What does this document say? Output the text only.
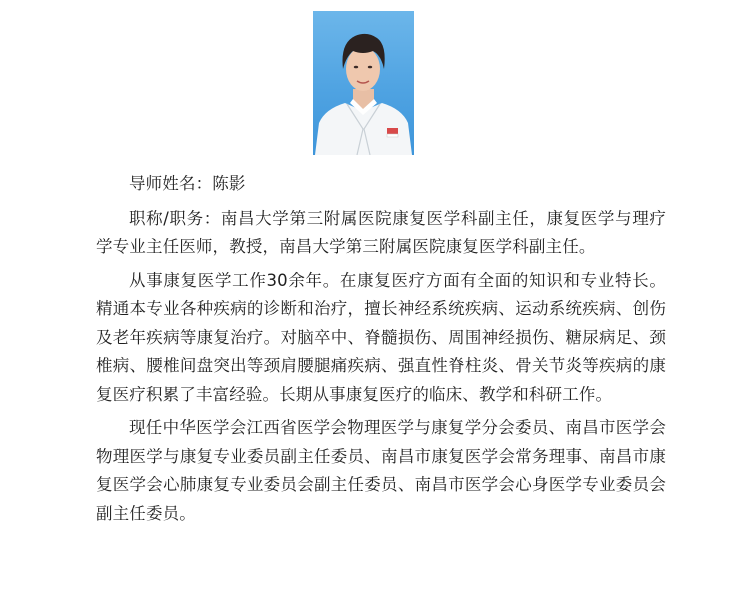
导师姓名：陈影

职称/职务：南昌大学第三附属医院康复医学科副主任，康复医学与理疗学专业主任医师，教授，南昌大学第三附属医院康复医学科副主任。

从事康复医学工作30余年。在康复医疗方面有全面的知识和专业特长。精通本专业各种疾病的诊断和治疗，擅长神经系统疾病、运动系统疾病、创伤及老年疾病等康复治疗。对脑卒中、脊髓损伤、周围神经损伤、糖尿病足、颈椎病、腰椎间盘突出等颈肩腰腿痛疾病、强直性脊柱炎、骨关节炎等疾病的康复医疗积累了丰富经验。长期从事康复医疗的临床、教学和科研工作。

现任中华医学会江西省医学会物理医学与康复学分会委员、南昌市医学会物理医学与康复专业委员副主任委员、南昌市康复医学会常务理事、南昌市康复医学会心肺康复专业委员会副主任委员、南昌市医学会心身医学专业委员会副主任委员。
